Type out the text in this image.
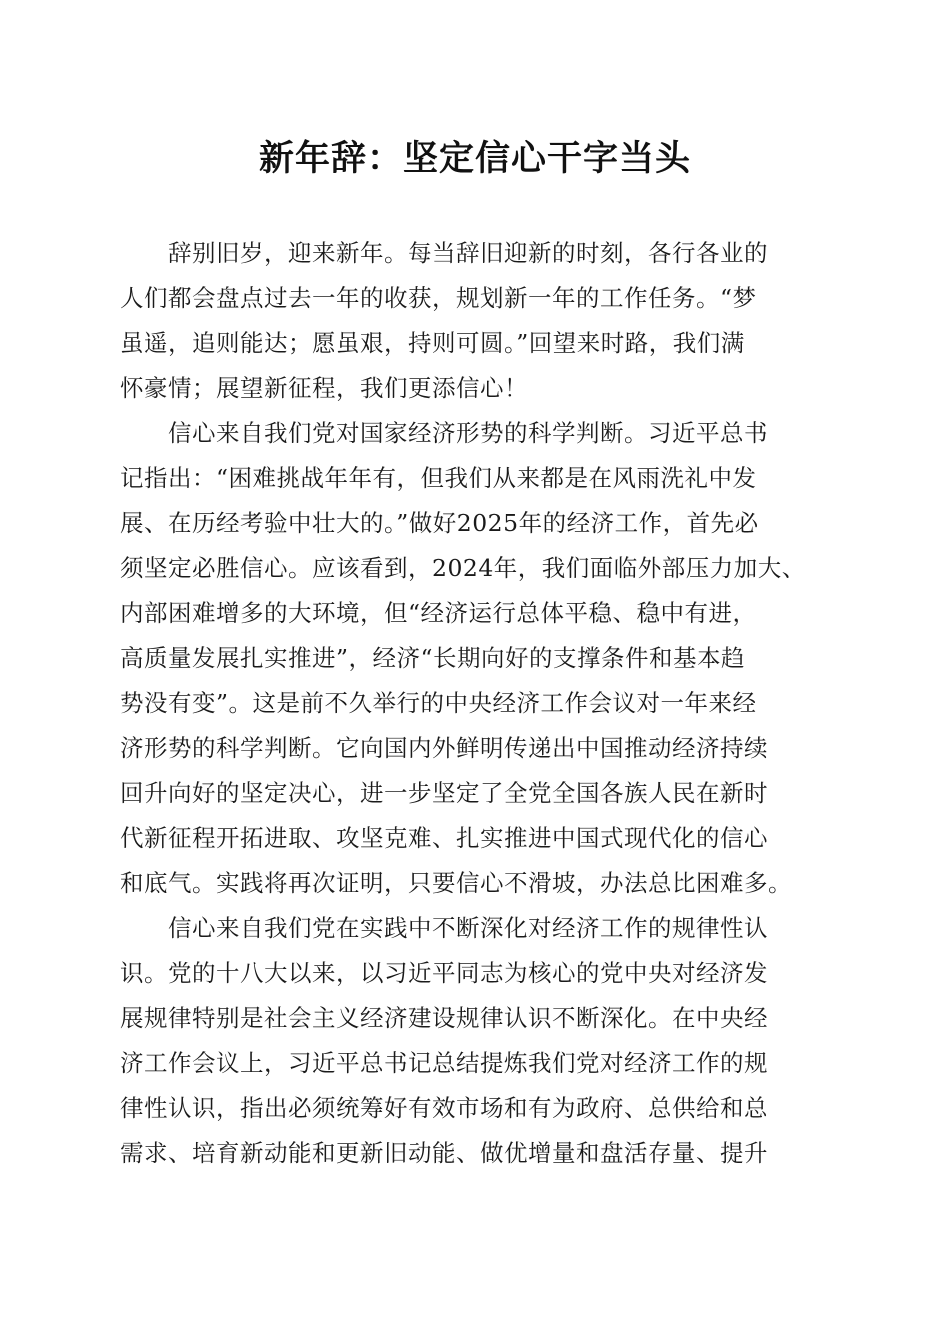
新年辞：坚定信心干字当头
　　辞别旧岁，迎来新年。每当辞旧迎新的时刻，各行各业的
人们都会盘点过去一年的收获，规划新一年的工作任务。“梦
虽遥，追则能达；愿虽艰，持则可圆。”回望来时路，我们满
怀豪情；展望新征程，我们更添信心！
　　信心来自我们党对国家经济形势的科学判断。习近平总书
记指出：“困难挑战年年有，但我们从来都是在风雨洗礼中发
展、在历经考验中壮大的。”做好2025年的经济工作，首先必
须坚定必胜信心。应该看到，2024年，我们面临外部压力加大、
内部困难增多的大环境，但“经济运行总体平稳、稳中有进，
高质量发展扎实推进”，经济“长期向好的支撑条件和基本趋
势没有变”。这是前不久举行的中央经济工作会议对一年来经
济形势的科学判断。它向国内外鲜明传递出中国推动经济持续
回升向好的坚定决心，进一步坚定了全党全国各族人民在新时
代新征程开拓进取、攻坚克难、扎实推进中国式现代化的信心
和底气。实践将再次证明，只要信心不滑坡，办法总比困难多。
　　信心来自我们党在实践中不断深化对经济工作的规律性认
识。党的十八大以来，以习近平同志为核心的党中央对经济发
展规律特别是社会主义经济建设规律认识不断深化。在中央经
济工作会议上，习近平总书记总结提炼我们党对经济工作的规
律性认识，指出必须统筹好有效市场和有为政府、总供给和总
需求、培育新动能和更新旧动能、做优增量和盘活存量、提升
